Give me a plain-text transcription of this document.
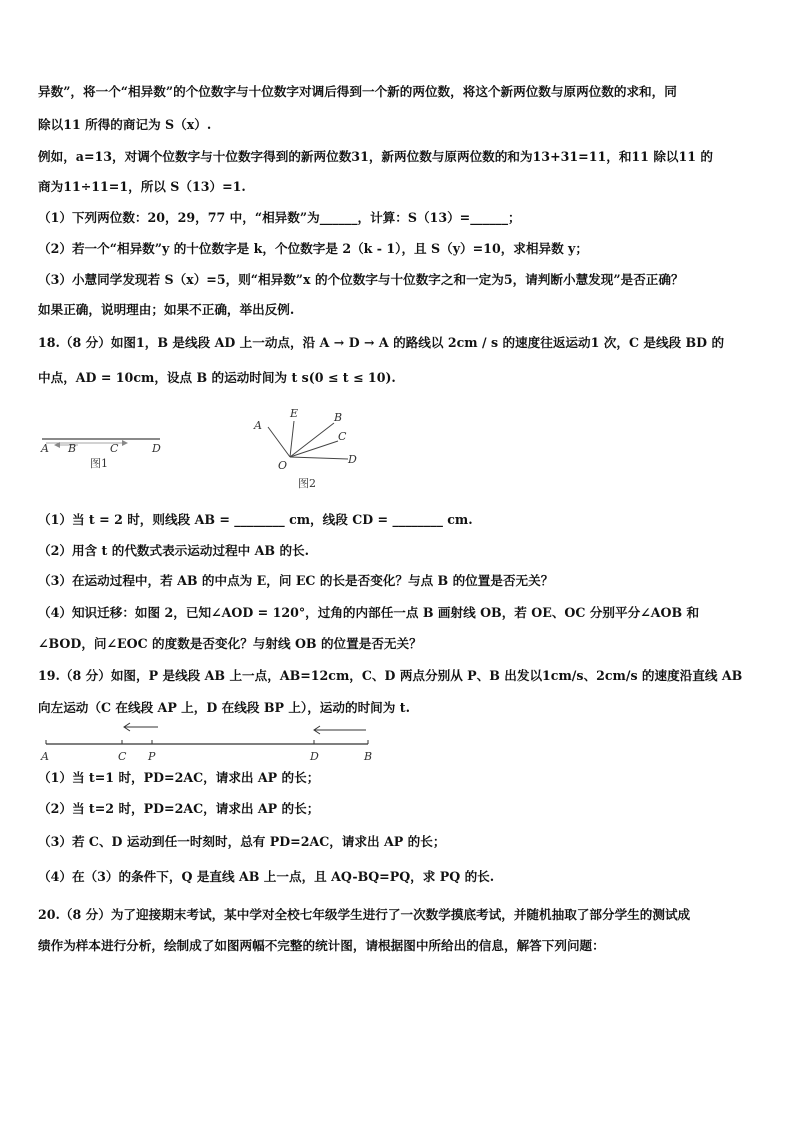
异数”，将一个“相异数”的个位数字与十位数字对调后得到一个新的两位数，将这个新两位数与原两位数的求和，同
除以11 所得的商记为 S（x）.
例如，a=13，对调个位数字与十位数字得到的新两位数31，新两位数与原两位数的和为13+31=11，和11 除以11 的
商为11÷11=1，所以 S（13）=1.
（1）下列两位数：20，29，77 中，“相异数”为______，计算：S（13）=______；
（2）若一个“相异数”y 的十位数字是 k，个位数字是 2（k - 1），且 S（y）=10，求相异数 y；
（3）小慧同学发现若 S（x）=5，则“相异数”x 的个位数字与十位数字之和一定为5，请判断小慧发现”是否正确？
如果正确，说明理由；如果不正确，举出反例.
18.（8 分）如图1，B 是线段 AD 上一动点，沿 A → D → A 的路线以 2cm / s 的速度往返运动1 次，C 是线段 BD 的
中点，AD = 10cm，设点 B 的运动时间为 t s(0 ≤ t ≤ 10).
A B	C	D
图1
A
E	B
C
D
O
图2
（1）当 t = 2 时，则线段 AB = ________ cm，线段 CD = ________ cm.
（2）用含 t 的代数式表示运动过程中 AB 的长.
（3）在运动过程中，若 AB 的中点为 E，问 EC 的长是否变化？与点 B 的位置是否无关？
（4）知识迁移：如图 2，已知∠AOD = 120°，过角的内部任一点 B 画射线 OB，若 OE、OC 分别平分∠AOB 和
∠BOD，问∠EOC 的度数是否变化？与射线 OB 的位置是否无关？
19.（8 分）如图，P 是线段 AB 上一点，AB=12cm，C、D 两点分别从 P、B 出发以1cm/s、2cm/s 的速度沿直线 AB
向左运动（C 在线段 AP 上，D 在线段 BP 上），运动的时间为 t.
A	C P	D	B
（1）当 t=1 时，PD=2AC，请求出 AP 的长；
（2）当 t=2 时，PD=2AC，请求出 AP 的长；
（3）若 C、D 运动到任一时刻时，总有 PD=2AC，请求出 AP 的长；
（4）在（3）的条件下，Q 是直线 AB 上一点，且 AQ-BQ=PQ，求 PQ 的长.
20.（8 分）为了迎接期末考试，某中学对全校七年级学生进行了一次数学摸底考试，并随机抽取了部分学生的测试成
绩作为样本进行分析，绘制成了如图两幅不完整的统计图，请根据图中所给出的信息，解答下列问题：
